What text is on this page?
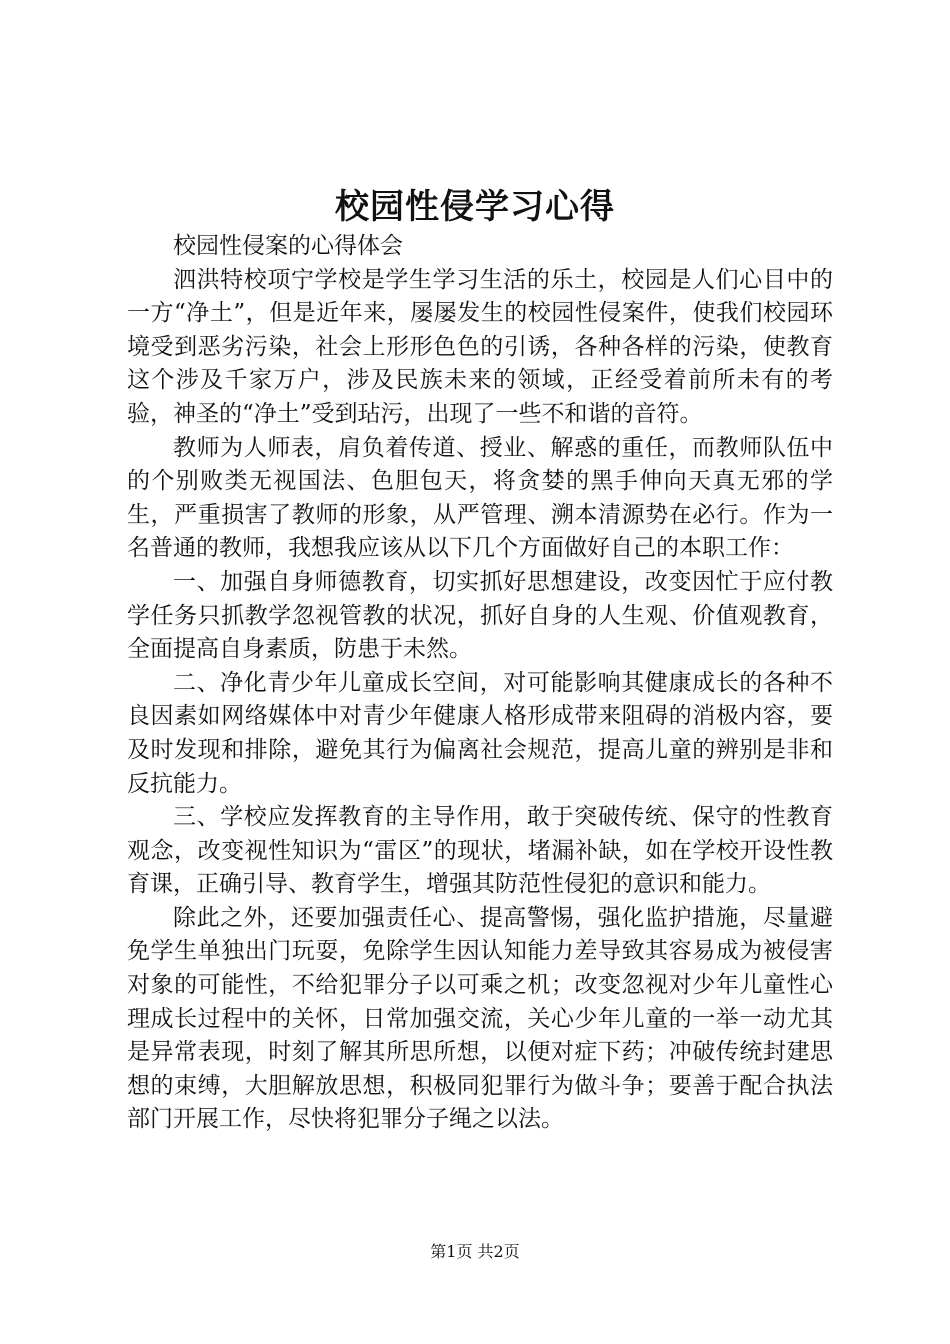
校园性侵学习心得

校园性侵案的心得体会

泗洪特校项宁学校是学生学习生活的乐土，校园是人们心目中的一方“净土”，但是近年来，屡屡发生的校园性侵案件，使我们校园环境受到恶劣污染，社会上形形色色的引诱，各种各样的污染，使教育这个涉及千家万户，涉及民族未来的领域，正经受着前所未有的考验，神圣的“净土”受到玷污，出现了一些不和谐的音符。

教师为人师表，肩负着传道、授业、解惑的重任，而教师队伍中的个别败类无视国法、色胆包天，将贪婪的黑手伸向天真无邪的学生，严重损害了教师的形象，从严管理、溯本清源势在必行。作为一名普通的教师，我想我应该从以下几个方面做好自己的本职工作：

一、加强自身师德教育，切实抓好思想建设，改变因忙于应付教学任务只抓教学忽视管教的状况，抓好自身的人生观、价值观教育，全面提高自身素质，防患于未然。

二、净化青少年儿童成长空间，对可能影响其健康成长的各种不良因素如网络媒体中对青少年健康人格形成带来阻碍的消极内容，要及时发现和排除，避免其行为偏离社会规范，提高儿童的辨别是非和反抗能力。

三、学校应发挥教育的主导作用，敢于突破传统、保守的性教育观念，改变视性知识为“雷区”的现状，堵漏补缺，如在学校开设性教育课，正确引导、教育学生，增强其防范性侵犯的意识和能力。

除此之外，还要加强责任心、提高警惕，强化监护措施，尽量避免学生单独出门玩耍，免除学生因认知能力差导致其容易成为被侵害对象的可能性，不给犯罪分子以可乘之机；改变忽视对少年儿童性心理成长过程中的关怀，日常加强交流，关心少年儿童的一举一动尤其是异常表现，时刻了解其所思所想，以便对症下药；冲破传统封建思想的束缚，大胆解放思想，积极同犯罪行为做斗争；要善于配合执法部门开展工作，尽快将犯罪分子绳之以法。

第1页 共2页
